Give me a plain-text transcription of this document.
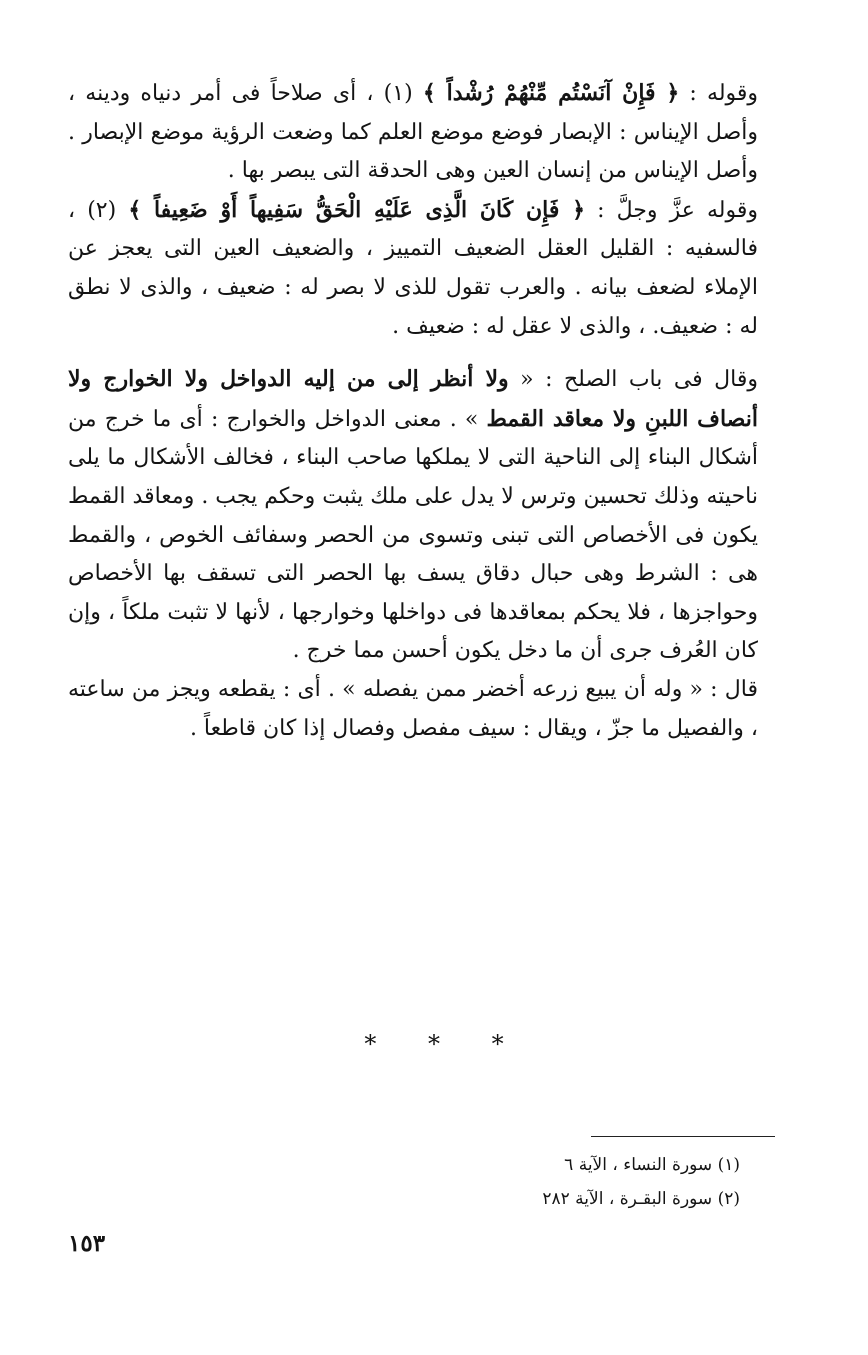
وقوله : ﴿ فَإِنْ آنَسْتُم مِّنْهُمْ رُشْداً ﴾ (١) ، أى صلاحاً فى أمر دنياه ودينه ، وأصل الإيناس : الإبصار فوضع موضع العلم كما وضعت الرؤية موضع الإبصار . وأصل الإيناس من إنسان العين وهى الحدقة التى يبصر بها .

وقوله عزَّ وجلَّ : ﴿ فَإِن كَانَ الَّذِى عَلَيْهِ الْحَقُّ سَفِيهاً أَوْ ضَعِيفاً ﴾ (٢) ، فالسفيه : القليل العقل الضعيف التمييز ، والضعيف العين التى يعجز عن الإملاء لضعف بيانه . والعرب تقول للذى لا بصر له : ضعيف ، والذى لا نطق له : ضعيف. ، والذى لا عقل له : ضعيف .

وقال فى باب الصلح : « ولا أنظر إلى من إليه الدواخل ولا الخوارج ولا أنصاف اللبنِ ولا معاقد القمط » . معنى الدواخل والخوارج : أى ما خرج من أشكال البناء إلى الناحية التى لا يملكها صاحب البناء ، فخالف الأشكال ما يلى ناحيته وذلك تحسين وترس لا يدل على ملك يثبت وحكم يجب . ومعاقد القمط يكون فى الأخصاص التى تبنى وتسوى من الحصر وسفائف الخوص ، والقمط هى : الشرط وهى حبال دقاق يسف بها الحصر التى تسقف بها الأخصاص وحواجزها ، فلا يحكم بمعاقدها فى دواخلها وخوارجها ، لأنها لا تثبت ملكاً ، وإن كان العُرف جرى أن ما دخل يكون أحسن مما خرج .

قال : « وله أن يبيع زرعه أخضر ممن يفصله » . أى : يقطعه ويجز من ساعته ، والفصيل ما جزّ ، ويقال : سيف مفصل وفصال إذا كان قاطعاً .

* * *
(١) سورة النساء ، الآية ٦
(٢) سورة البقـرة ، الآية ٢٨٢
١٥٣
